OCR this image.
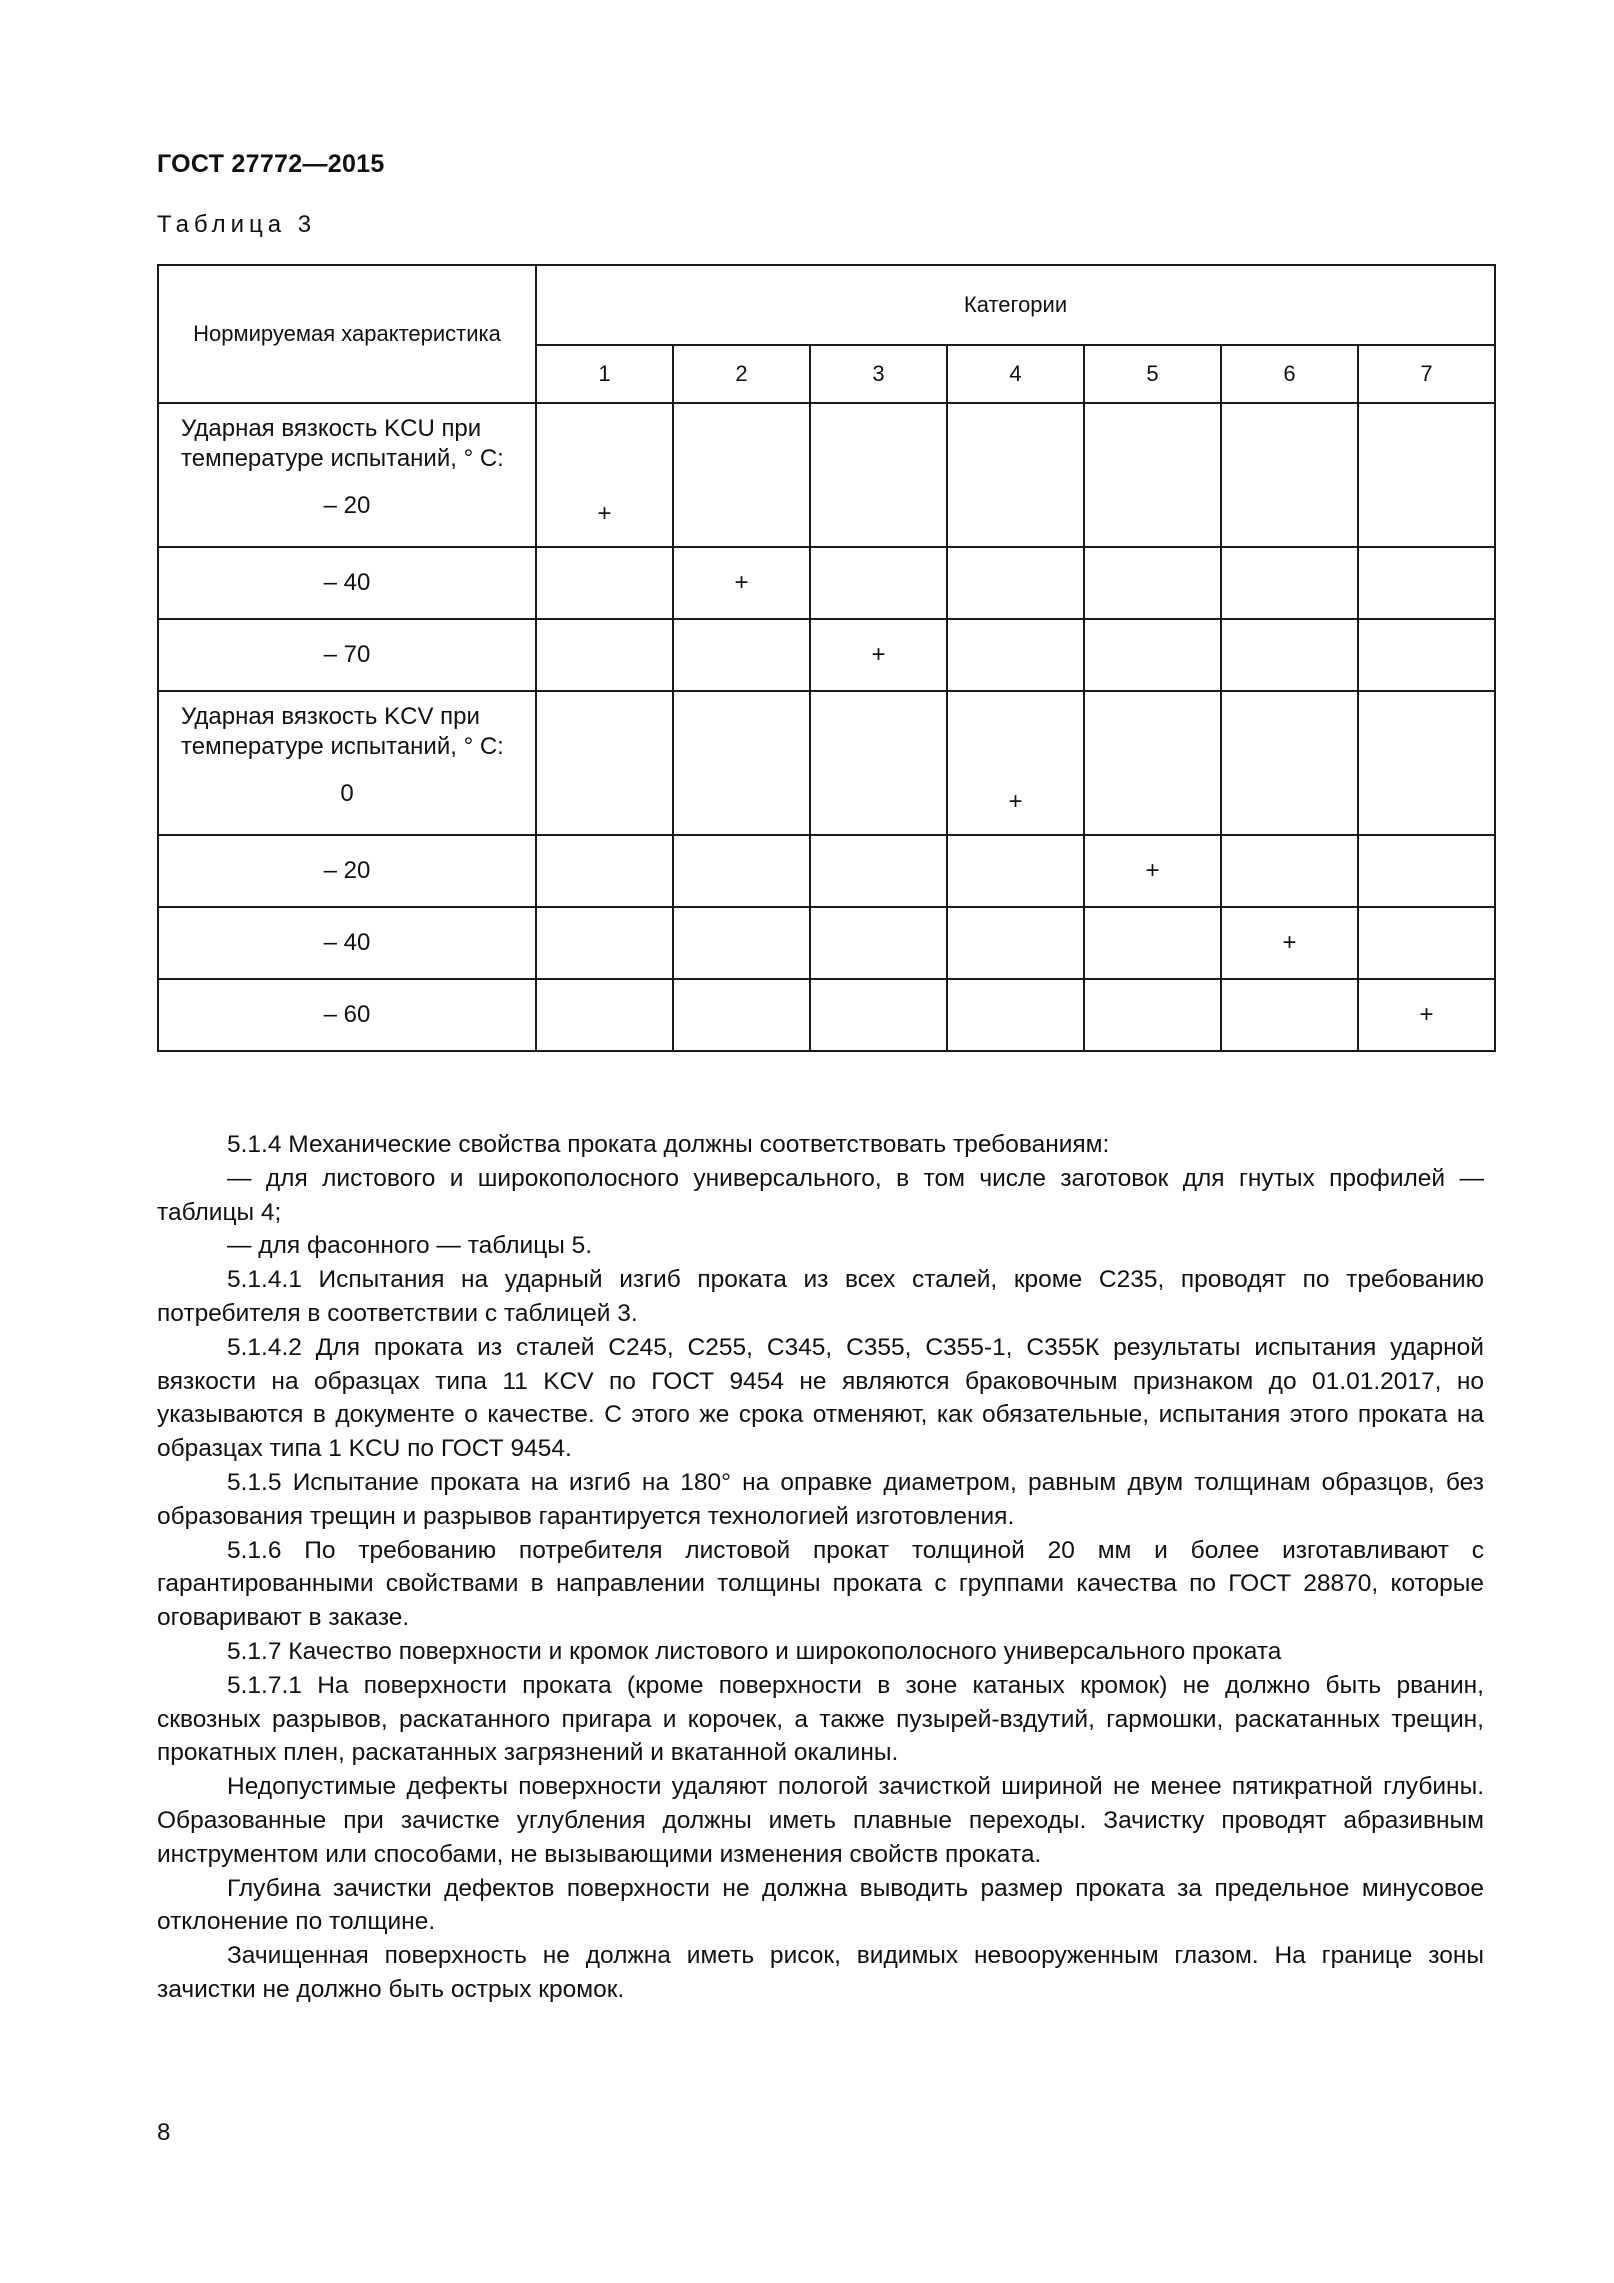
ГОСТ 27772—2015
Таблица 3
Нормируемая характеристика	Категории						
	1	2	3	4	5	6	7

Ударная вязкость KCU при температуре испытаний, ° С:
– 20	+						

– 40		+					

– 70			+				

Ударная вязкость KCV при температуре испытаний, ° С:
0				+			

– 20					+		

– 40						+	

– 60							+

5.1.4 Механические свойства проката должны соответствовать требованиям:

— для листового и широкополосного универсального, в том числе заготовок для гнутых профилей — таблицы 4;

— для фасонного — таблицы 5.

5.1.4.1 Испытания на ударный изгиб проката из всех сталей, кроме С235, проводят по требованию потребителя в соответствии с таблицей 3.

5.1.4.2 Для проката из сталей С245, С255, С345, С355, С355-1, С355К результаты испытания ударной вязкости на образцах типа 11 KCV по ГОСТ 9454 не являются браковочным признаком до 01.01.2017, но указываются в документе о качестве. С этого же срока отменяют, как обязательные, испытания этого проката на образцах типа 1 KCU по ГОСТ 9454.

5.1.5 Испытание проката на изгиб на 180° на оправке диаметром, равным двум толщинам образцов, без образования трещин и разрывов гарантируется технологией изготовления.

5.1.6 По требованию потребителя листовой прокат толщиной 20 мм и более изготавливают с гарантированными свойствами в направлении толщины проката с группами качества по ГОСТ 28870, которые оговаривают в заказе.

5.1.7 Качество поверхности и кромок листового и широкополосного универсального проката

5.1.7.1 На поверхности проката (кроме поверхности в зоне катаных кромок) не должно быть рванин, сквозных разрывов, раскатанного пригара и корочек, а также пузырей-вздутий, гармошки, раскатанных трещин, прокатных плен, раскатанных загрязнений и вкатанной окалины.

Недопустимые дефекты поверхности удаляют пологой зачисткой шириной не менее пятикратной глубины. Образованные при зачистке углубления должны иметь плавные переходы. Зачистку проводят абразивным инструментом или способами, не вызывающими изменения свойств проката.

Глубина зачистки дефектов поверхности не должна выводить размер проката за предельное минусовое отклонение по толщине.

Зачищенная поверхность не должна иметь рисок, видимых невооруженным глазом. На границе зоны зачистки не должно быть острых кромок.

8
